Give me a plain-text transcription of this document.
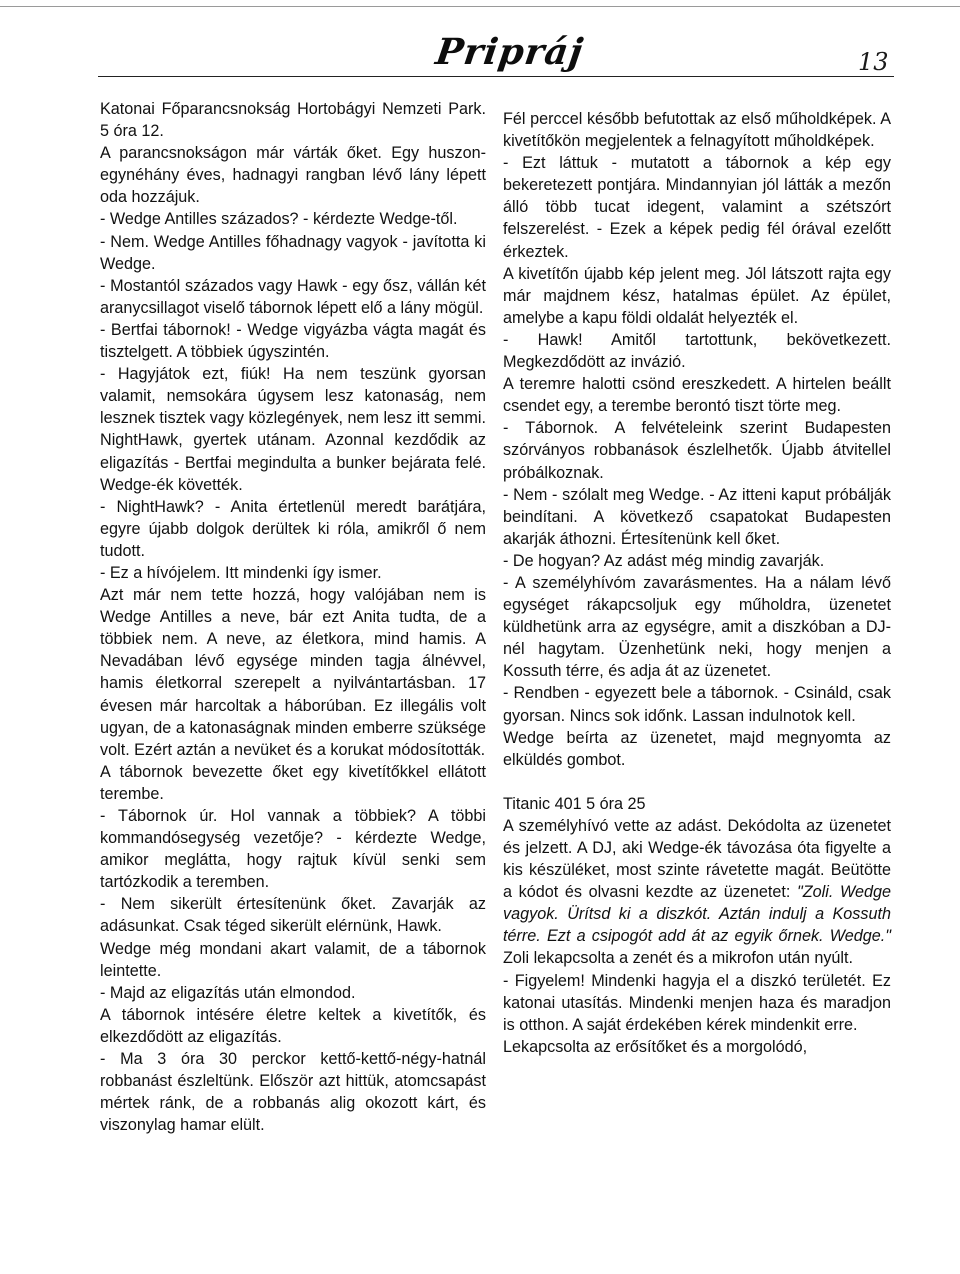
Pripráj	13

Katonai Főparancsnokság Hortobágyi Nemzeti Park. 5 óra 12.

A parancsnokságon már várták őket. Egy huszon-egynéhány éves, hadnagyi rangban lévő lány lépett oda hozzájuk.

- Wedge Antilles százados? - kérdezte Wedge-től.

- Nem. Wedge Antilles főhadnagy vagyok - javította ki Wedge.

- Mostantól százados vagy Hawk - egy ősz, vállán két aranycsillagot viselő tábornok lépett elő a lány mögül.

- Bertfai tábornok! - Wedge vigyázba vágta magát és tisztelgett. A többiek úgyszintén.

- Hagyjátok ezt, fiúk! Ha nem teszünk gyorsan valamit, nemsokára úgysem lesz katonaság, nem lesznek tisztek vagy közlegények, nem lesz itt semmi. NightHawk, gyertek utánam. Azonnal kezdődik az eligazítás - Bertfai megindulta a bunker bejárata felé. Wedge-ék követték.

- NightHawk? - Anita értetlenül meredt barátjára, egyre újabb dolgok derültek ki róla, amikről ő nem tudott.

- Ez a hívójelem. Itt mindenki így ismer.

Azt már nem tette hozzá, hogy valójában nem is Wedge Antilles a neve, bár ezt Anita tudta, de a többiek nem. A neve, az életkora, mind hamis. A Nevadában lévő egysége minden tagja álnévvel, hamis életkorral szerepelt a nyilvántartásban. 17 évesen már harcoltak a háborúban. Ez illegális volt ugyan, de a katonaságnak minden emberre szüksége volt. Ezért aztán a nevüket és a korukat módosították.

A tábornok bevezette őket egy kivetítőkkel ellátott terembe.

- Tábornok úr. Hol vannak a többiek? A többi kommandósegység vezetője? - kérdezte Wedge, amikor meglátta, hogy rajtuk kívül senki sem tartózkodik a teremben.

- Nem sikerült értesítenünk őket. Zavarják az adásunkat. Csak téged sikerült elérnünk, Hawk.

Wedge még mondani akart valamit, de a tábornok leintette.

- Majd az eligazítás után elmondod.

A tábornok intésére életre keltek a kivetítők, és elkezdődött az eligazítás.

- Ma 3 óra 30 perckor kettő-kettő-négy-hatnál robbanást észleltünk. Először azt hittük, atomcsapást mértek ránk, de a robbanás alig okozott kárt, és viszonylag hamar elült.

Fél perccel később befutottak az első műholdképek. A kivetítőkön megjelentek a felnagyított műholdképek.

- Ezt láttuk - mutatott a tábornok a kép egy bekeretezett pontjára. Mindannyian jól látták a mezőn álló több tucat idegent, valamint a szétszórt felszerelést. - Ezek a képek pedig fél órával ezelőtt érkeztek.

A kivetítőn újabb kép jelent meg. Jól látszott rajta egy már majdnem kész, hatalmas épület. Az épület, amelybe a kapu földi oldalát helyezték el.

- Hawk! Amitől tartottunk, bekövetkezett. Megkezdődött az invázió.

A teremre halotti csönd ereszkedett. A hirtelen beállt csendet egy, a terembe berontó tiszt törte meg.

- Tábornok. A felvételeink szerint Budapesten szórványos robbanások észlelhetők. Újabb átvitellel próbálkoznak.

- Nem - szólalt meg Wedge. - Az itteni kaput próbálják beindítani. A következő csapatokat Budapesten akarják áthozni. Értesítenünk kell őket.

- De hogyan? Az adást még mindig zavarják.

- A személyhívóm zavarásmentes. Ha a nálam lévő egységet rákapcsoljuk egy műholdra, üzenetet küldhetünk arra az egységre, amit a diszkóban a DJ-nél hagytam. Üzenhetünk neki, hogy menjen a Kossuth térre, és adja át az üzenetet.

- Rendben - egyezett bele a tábornok. - Csináld, csak gyorsan. Nincs sok időnk. Lassan indulnotok kell.

Wedge beírta az üzenetet, majd megnyomta az elküldés gombot.

Titanic 401 5 óra 25

A személyhívó vette az adást. Dekódolta az üzenetet és jelzett. A DJ, aki Wedge-ék távozása óta figyelte a kis készüléket, most szinte rávetette magát. Beütötte a kódot és olvasni kezdte az üzenetet: "Zoli. Wedge vagyok. Ürítsd ki a diszkót. Aztán indulj a Kossuth térre. Ezt a csipogót add át az egyik őrnek. Wedge." Zoli lekapcsolta a zenét és a mikrofon után nyúlt.

- Figyelem! Mindenki hagyja el a diszkó területét. Ez katonai utasítás. Mindenki menjen haza és maradjon is otthon. A saját érdekében kérek mindenkit erre.

Lekapcsolta az erősítőket és a morgolódó,
